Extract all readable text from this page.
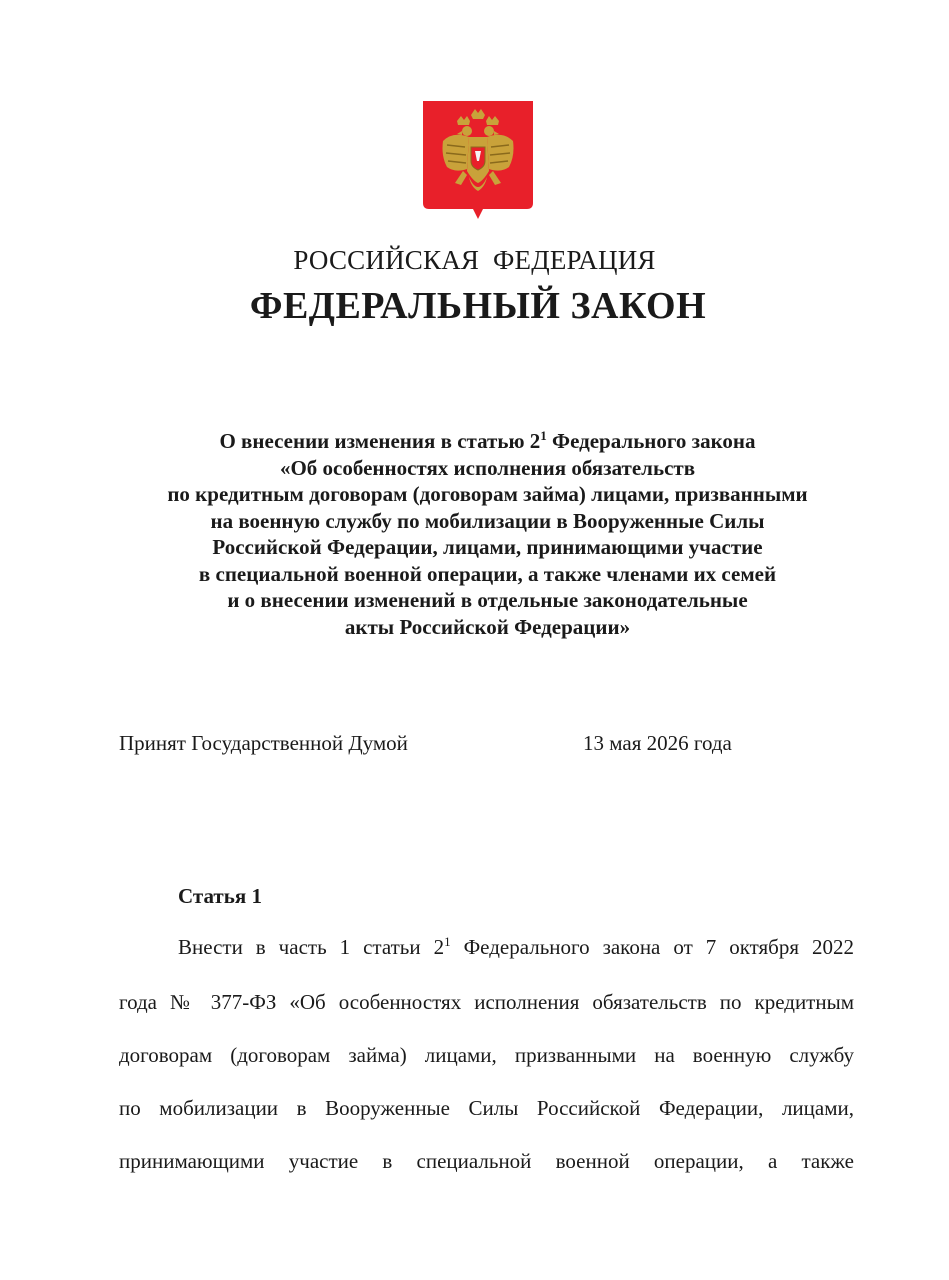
РОССИЙСКАЯ  ФЕДЕРАЦИЯ
ФЕДЕРАЛЬНЫЙ ЗАКОН
О внесении изменения в статью $2^1$ Федерального закона
«Об особенностях исполнения обязательств
по кредитным договорам (договорам займа) лицами, призванными
на военную службу по мобилизации в Вооруженные Силы
Российской Федерации, лицами, принимающими участие
в специальной военной операции, а также членами их семей
и о внесении изменений в отдельные законодательные
акты Российской Федерации»
Принят Государственной Думой	13 мая 2026 года
Статья 1
Внести в часть 1 статьи $2^1$ Федерального закона от 7 октября 2022
года № 377-ФЗ «Об особенностях исполнения обязательств по кредитным
договорам (договорам займа) лицами, призванными на военную службу
по мобилизации в Вооруженные Силы Российской Федерации, лицами,
принимающими участие в специальной военной операции, а также
